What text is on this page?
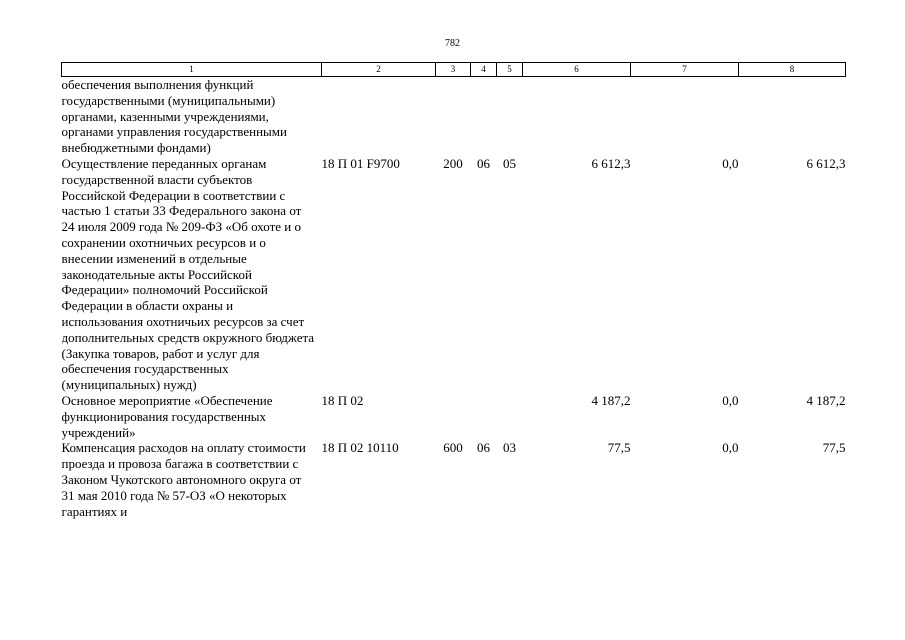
782
1	2	3	4	5	6	7	8
обеспечения выполнения функций государственными (муниципальными) органами, казенными учреждениями, органами управления государственными внебюджетными фондами)							
Осуществление переданных органам государственной власти субъектов Российской Федерации в соответствии с частью 1 статьи 33 Федерального закона от 24 июля 2009 года № 209-ФЗ «Об охоте и о сохранении охотничьих ресурсов и о внесении изменений в отдельные законодательные акты Российской Федерации» полномочий Российской Федерации в области охраны и использования охотничьих ресурсов за счет дополнительных средств окружного бюджета (Закупка товаров, работ и услуг для обеспечения государственных (муниципальных) нужд)	18 П 01 F9700	200	06	05	6 612,3	0,0	6 612,3
Основное мероприятие «Обеспечение функционирования государственных учреждений»	18 П 02				4 187,2	0,0	4 187,2
Компенсация расходов на оплату стоимости проезда и провоза багажа в соответствии с Законом Чукотского автономного округа от 31 мая 2010 года № 57-ОЗ «О некоторых гарантиях и	18 П 02 10110	600	06	03	77,5	0,0	77,5
